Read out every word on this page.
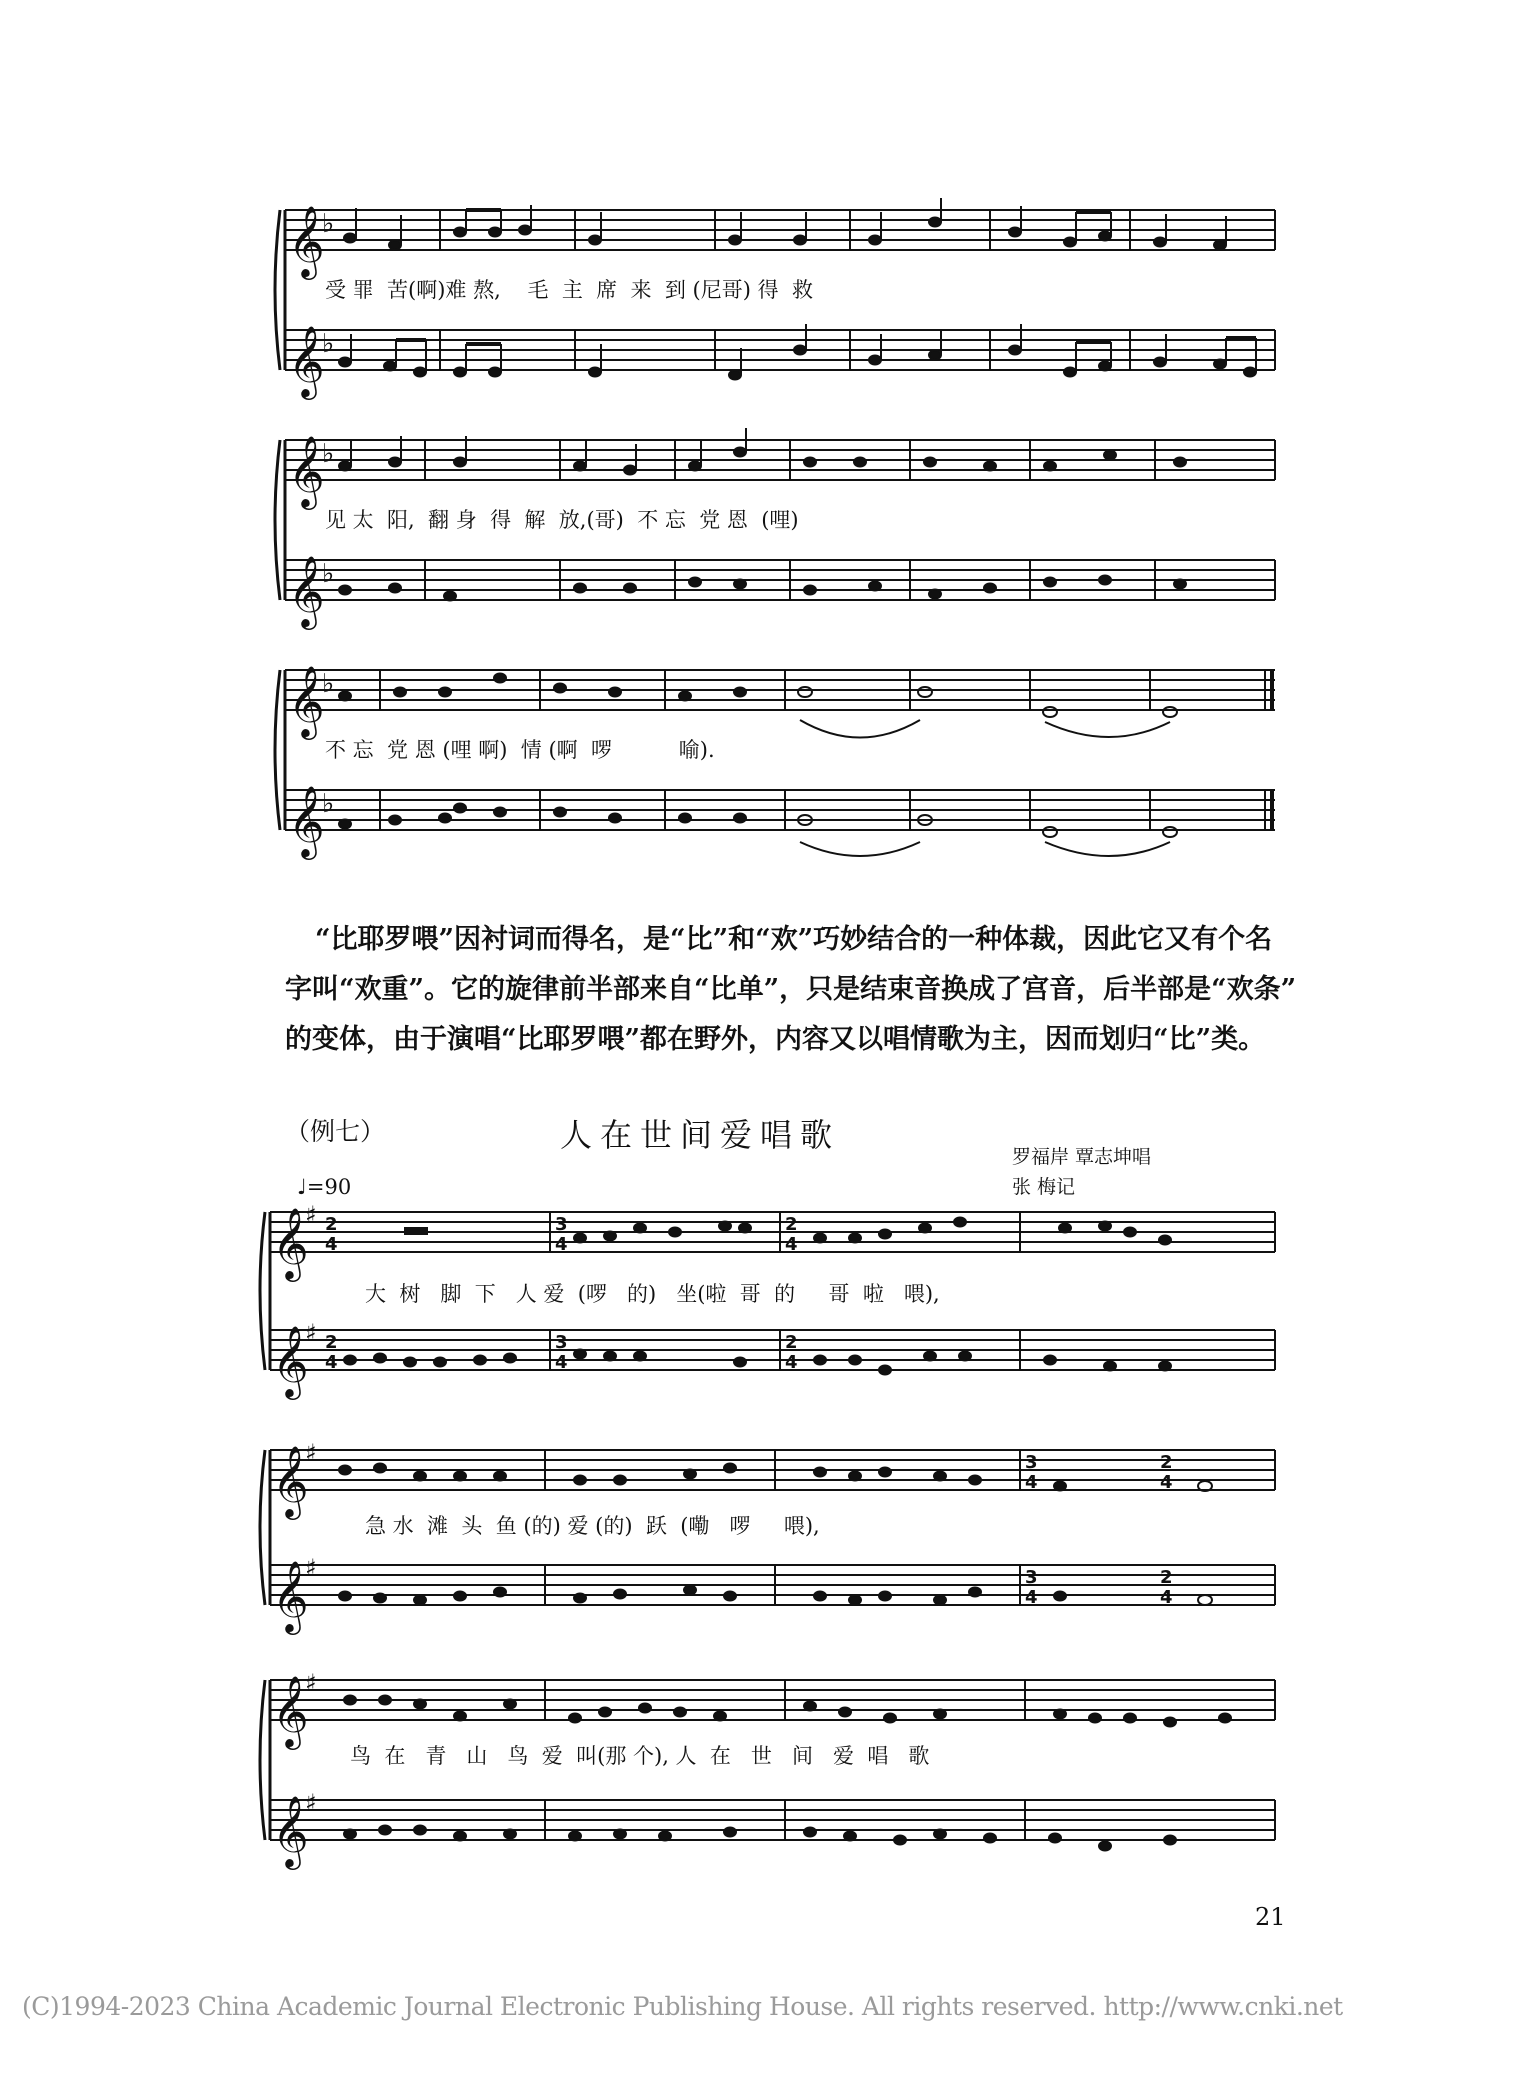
𝄞
𝄞
𝄞
𝄞
𝄞
𝄞
♭
♭
♭
♭
♭
♭
受 罪  苦(啊)难 熬,    毛  主  席  来  到 (尼哥) 得  救
见 太  阳,  翻 身  得  解  放,(哥)  不 忘  党 恩  (哩)
不 忘  党 恩 (哩 啊)  情 (啊  啰          喻).

“比耶罗喂”因衬词而得名，是“比”和“欢”巧妙结合的一种体裁，因此它又有个名

字叫“欢重”。它的旋律前半部来自“比单”，只是结束音换成了宫音，后半部是“欢条”

的变体，由于演唱“比耶罗喂”都在野外，内容又以唱情歌为主，因而划归“比”类。

（例七）	人在世间爱唱歌
罗福岸 覃志坤唱
张 梅记
♩=90
𝄞
𝄞
𝄞
𝄞
𝄞
𝄞
♯
♯
♯
♯
♯
♯
2
4
2
4
3
4
3
4
2
4
2
4
3
4
3
4
2
4
2
4
大  树   脚  下   人 爱  (啰   的)   坐(啦  哥  的     哥  啦   喂),
急 水  滩  头  鱼 (的) 爱 (的)  跃  (嘞   啰     喂),
鸟  在   青   山   鸟  爱  叫(那 个), 人  在   世   间   爱  唱   歌
21
(C)1994-2023 China Academic Journal Electronic Publishing House. All rights reserved. http://www.cnki.net
